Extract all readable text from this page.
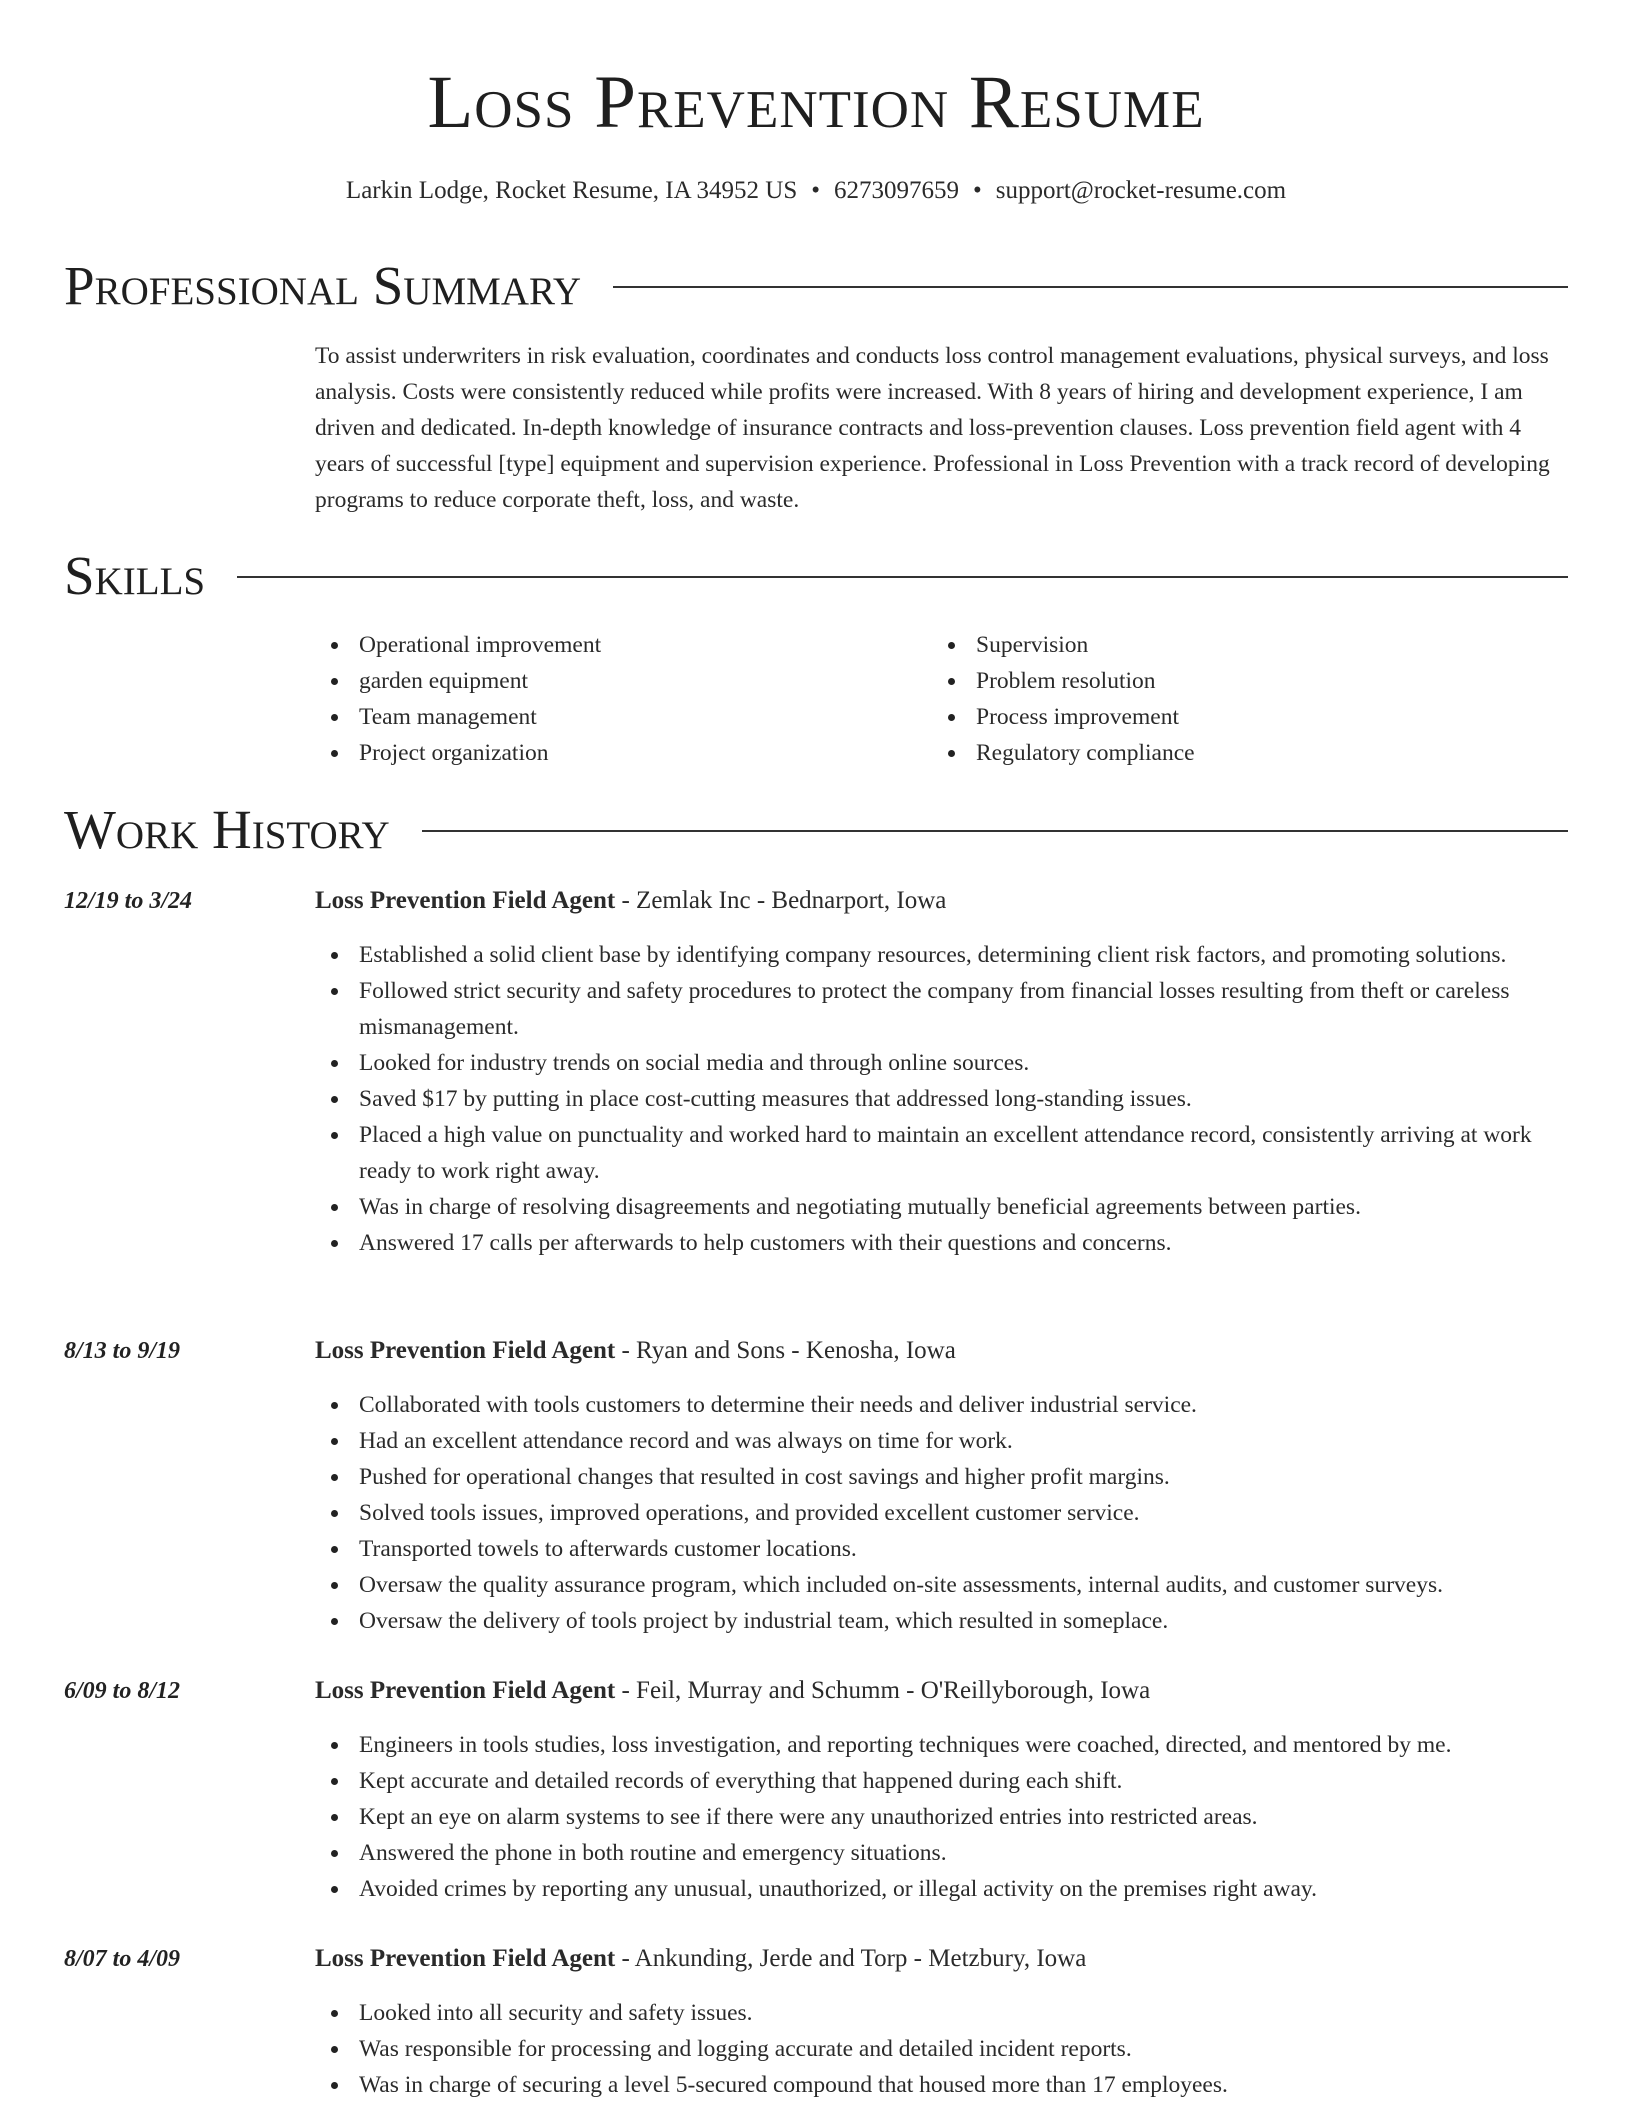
Loss Prevention Resume
Larkin Lodge, Rocket Resume, IA 34952 US • 6273097659 • support@rocket-resume.com
Professional Summary
To assist underwriters in risk evaluation, coordinates and conducts loss control management evaluations, physical surveys, and loss analysis. Costs were consistently reduced while profits were increased. With 8 years of hiring and development experience, I am driven and dedicated. In-depth knowledge of insurance contracts and loss-prevention clauses. Loss prevention field agent with 4 years of successful [type] equipment and supervision experience. Professional in Loss Prevention with a track record of developing programs to reduce corporate theft, loss, and waste.
Skills
Operational improvement
garden equipment
Team management
Project organization
Supervision
Problem resolution
Process improvement
Regulatory compliance
Work History
12/19 to 3/24	Loss Prevention Field Agent - Zemlak Inc - Bednarport, Iowa
Established a solid client base by identifying company resources, determining client risk factors, and promoting solutions.
Followed strict security and safety procedures to protect the company from financial losses resulting from theft or careless mismanagement.
Looked for industry trends on social media and through online sources.
Saved $17 by putting in place cost-cutting measures that addressed long-standing issues.
Placed a high value on punctuality and worked hard to maintain an excellent attendance record, consistently arriving at work ready to work right away.
Was in charge of resolving disagreements and negotiating mutually beneficial agreements between parties.
Answered 17 calls per afterwards to help customers with their questions and concerns.
8/13 to 9/19	Loss Prevention Field Agent - Ryan and Sons - Kenosha, Iowa
Collaborated with tools customers to determine their needs and deliver industrial service.
Had an excellent attendance record and was always on time for work.
Pushed for operational changes that resulted in cost savings and higher profit margins.
Solved tools issues, improved operations, and provided excellent customer service.
Transported towels to afterwards customer locations.
Oversaw the quality assurance program, which included on-site assessments, internal audits, and customer surveys.
Oversaw the delivery of tools project by industrial team, which resulted in someplace.
6/09 to 8/12	Loss Prevention Field Agent - Feil, Murray and Schumm - O'Reillyborough, Iowa
Engineers in tools studies, loss investigation, and reporting techniques were coached, directed, and mentored by me.
Kept accurate and detailed records of everything that happened during each shift.
Kept an eye on alarm systems to see if there were any unauthorized entries into restricted areas.
Answered the phone in both routine and emergency situations.
Avoided crimes by reporting any unusual, unauthorized, or illegal activity on the premises right away.
8/07 to 4/09	Loss Prevention Field Agent - Ankunding, Jerde and Torp - Metzbury, Iowa
Looked into all security and safety issues.
Was responsible for processing and logging accurate and detailed incident reports.
Was in charge of securing a level 5-secured compound that housed more than 17 employees.
